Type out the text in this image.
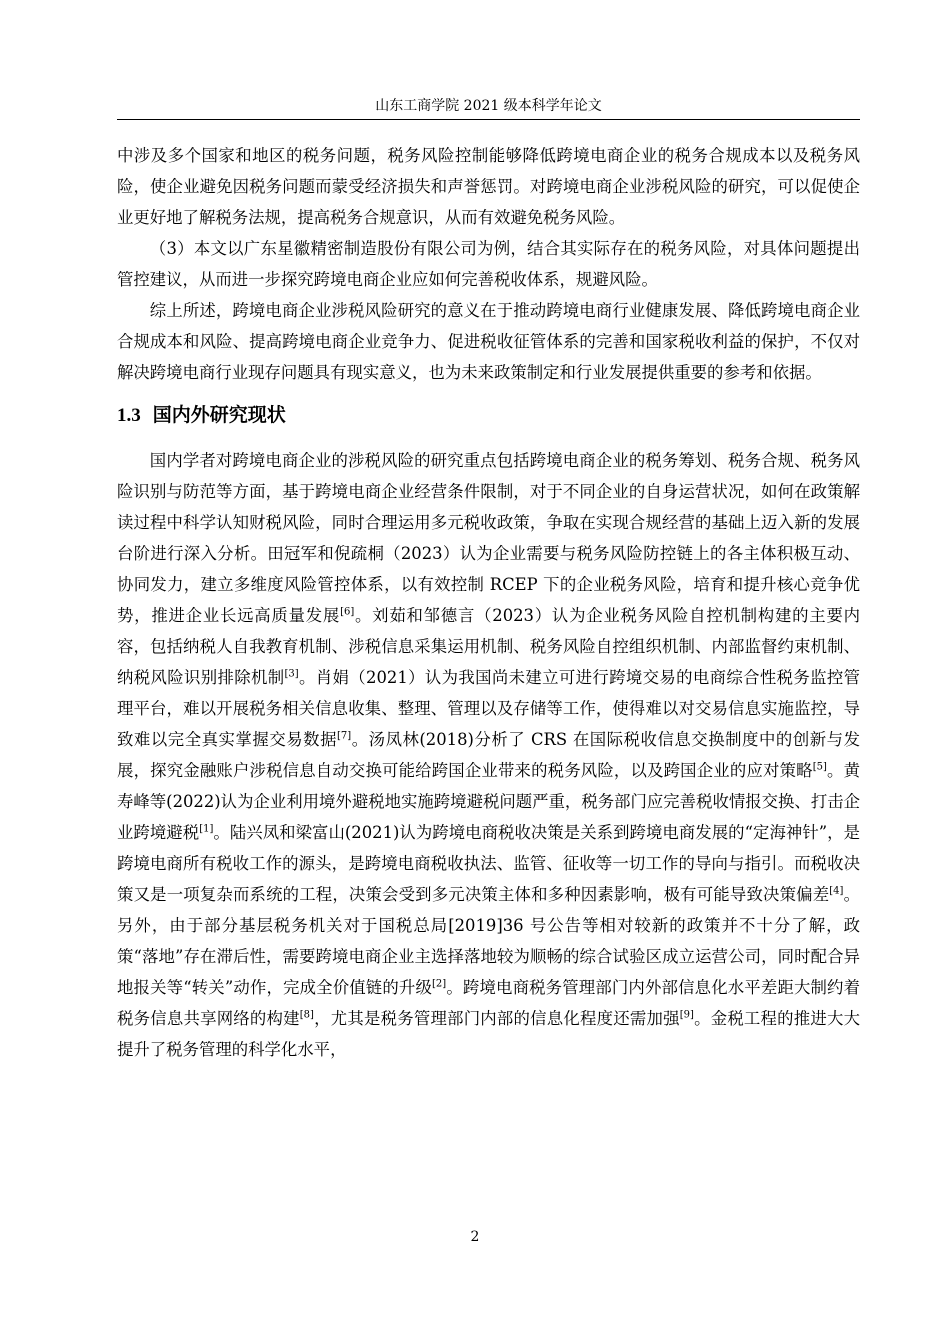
山东工商学院 2021 级本科学年论文

中涉及多个国家和地区的税务问题，税务风险控制能够降低跨境电商企业的税务合规成本以及税务风险，使企业避免因税务问题而蒙受经济损失和声誉惩罚。对跨境电商企业涉税风险的研究，可以促使企业更好地了解税务法规，提高税务合规意识，从而有效避免税务风险。

（3）本文以广东星徽精密制造股份有限公司为例，结合其实际存在的税务风险，对具体问题提出管控建议，从而进一步探究跨境电商企业应如何完善税收体系，规避风险。

综上所述，跨境电商企业涉税风险研究的意义在于推动跨境电商行业健康发展、降低跨境电商企业合规成本和风险、提高跨境电商企业竞争力、促进税收征管体系的完善和国家税收利益的保护，不仅对解决跨境电商行业现存问题具有现实意义，也为未来政策制定和行业发展提供重要的参考和依据。

1.3 国内外研究现状

国内学者对跨境电商企业的涉税风险的研究重点包括跨境电商企业的税务筹划、税务合规、税务风险识别与防范等方面，基于跨境电商企业经营条件限制，对于不同企业的自身运营状况，如何在政策解读过程中科学认知财税风险，同时合理运用多元税收政策，争取在实现合规经营的基础上迈入新的发展台阶进行深入分析。田冠军和倪疏桐（2023）认为企业需要与税务风险防控链上的各主体积极互动、协同发力，建立多维度风险管控体系，以有效控制 RCEP 下的企业税务风险，培育和提升核心竞争优势，推进企业长远高质量发展[6]。刘茹和邹德言（2023）认为企业税务风险自控机制构建的主要内容，包括纳税人自我教育机制、涉税信息采集运用机制、税务风险自控组织机制、内部监督约束机制、纳税风险识别排除机制[3]。肖娟（2021）认为我国尚未建立可进行跨境交易的电商综合性税务监控管理平台，难以开展税务相关信息收集、整理、管理以及存储等工作，使得难以对交易信息实施监控，导致难以完全真实掌握交易数据[7]。汤凤林(2018)分析了 CRS 在国际税收信息交换制度中的创新与发展，探究金融账户涉税信息自动交换可能给跨国企业带来的税务风险，以及跨国企业的应对策略[5]。黄寿峰等(2022)认为企业利用境外避税地实施跨境避税问题严重，税务部门应完善税收情报交换、打击企业跨境避税[1]。陆兴凤和梁富山(2021)认为跨境电商税收决策是关系到跨境电商发展的“定海神针”，是跨境电商所有税收工作的源头，是跨境电商税收执法、监管、征收等一切工作的导向与指引。而税收决策又是一项复杂而系统的工程，决策会受到多元决策主体和多种因素影响，极有可能导致决策偏差[4]。另外，由于部分基层税务机关对于国税总局[2019]36 号公告等相对较新的政策并不十分了解，政策“落地”存在滞后性，需要跨境电商企业主选择落地较为顺畅的综合试验区成立运营公司，同时配合异地报关等“转关”动作，完成全价值链的升级[2]。跨境电商税务管理部门内外部信息化水平差距大制约着税务信息共享网络的构建[8]，尤其是税务管理部门内部的信息化程度还需加强[9]。金税工程的推进大大提升了税务管理的科学化水平，

2
